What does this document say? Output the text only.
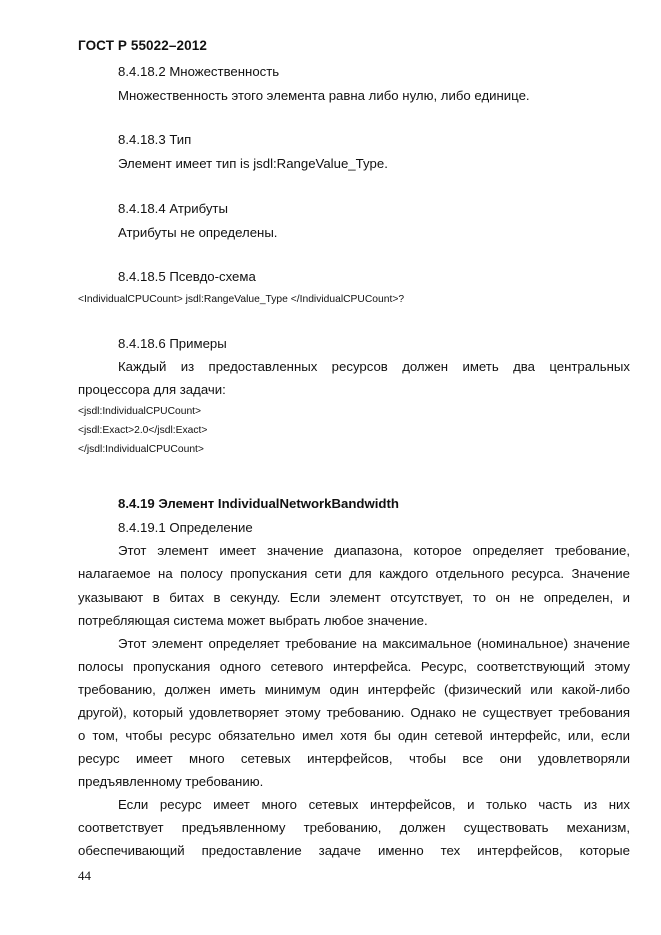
ГОСТ Р 55022–2012

8.4.18.2 Множественность

Множественность этого элемента равна либо нулю, либо единице.

8.4.18.3 Тип

Элемент имеет тип is jsdl:RangeValue_Type.

8.4.18.4 Атрибуты

Атрибуты не определены.

8.4.18.5 Псевдо-схема

<IndividualCPUCount> jsdl:RangeValue_Type </IndividualCPUCount>?

8.4.18.6 Примеры

Каждый из предоставленных ресурсов должен иметь два центральных

процессора для задачи:

<jsdl:IndividualCPUCount>

<jsdl:Exact>2.0</jsdl:Exact>

</jsdl:IndividualCPUCount>

8.4.19 Элемент IndividualNetworkBandwidth

8.4.19.1 Определение

Этот элемент имеет значение диапазона, которое определяет требование,
налагаемое на полосу пропускания сети для каждого отдельного ресурса. Значение
указывают в битах в секунду. Если элемент отсутствует, то он не определен, и

потребляющая система может выбрать любое значение.

Этот элемент определяет требование на максимальное (номинальное) значение
полосы пропускания одного сетевого интерфейса. Ресурс, соответствующий этому
требованию, должен иметь минимум один интерфейс (физический или какой-либо
другой), который удовлетворяет этому требованию. Однако не существует требования
о том, чтобы ресурс обязательно имел хотя бы один сетевой интерфейс, или, если
ресурс имеет много сетевых интерфейсов, чтобы все они удовлетворяли

предъявленному требованию.

Если ресурс имеет много сетевых интерфейсов, и только часть из них
соответствует предъявленному требованию, должен существовать механизм,
обеспечивающий предоставление задаче именно тех интерфейсов, которые
44
